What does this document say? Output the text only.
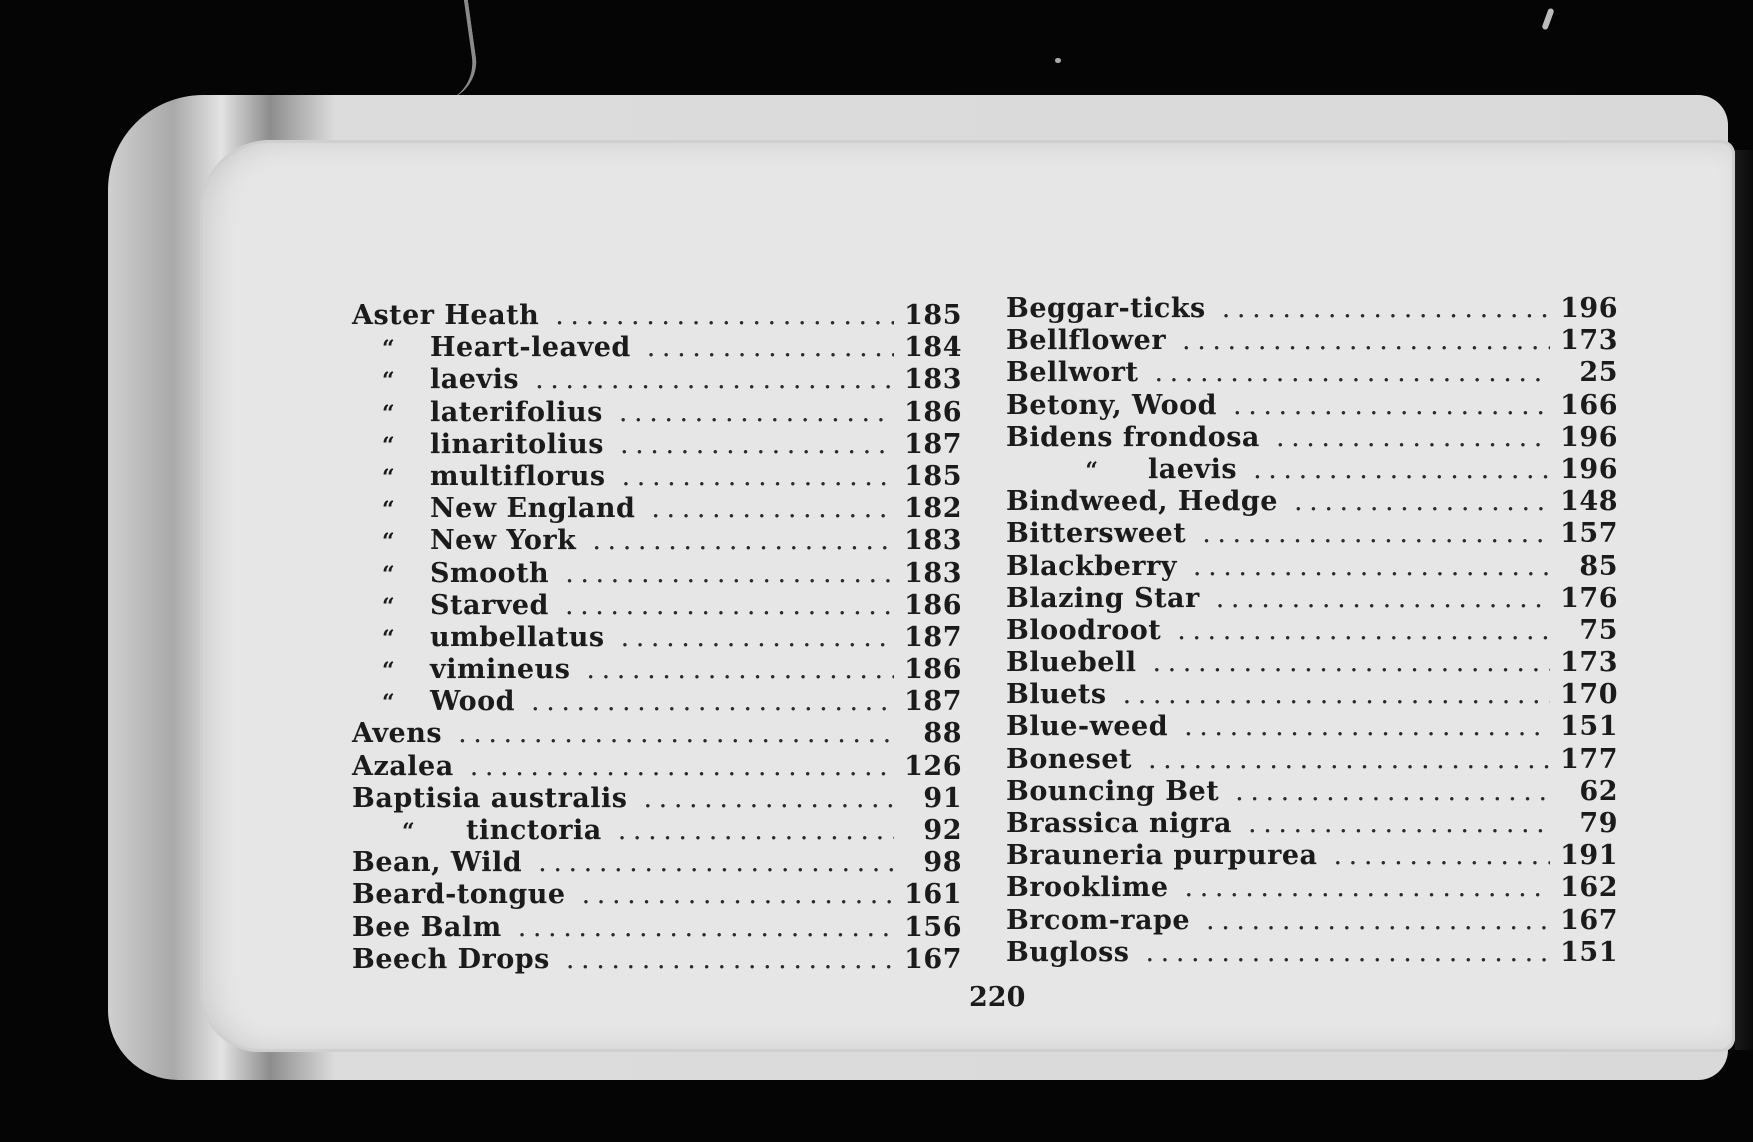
Aster Heath . . .	185
“ Heart-leaved . . .	184
“ laevis . . .	183
“ laterifolius . . .	186
“ linaritolius . . .	187
“ multiflorus . . .	185
“ New England . . .	182
“ New York . . .	183
“ Smooth . . .	183
“ Starved . . .	186
“ umbellatus . . .	187
“ vimineus . . .	186
“ Wood . . .	187
Avens . . .	88
Azalea . . .	126
Baptisia australis . . .	91
“ tinctoria . . .	92
Bean, Wild . . .	98
Beard-tongue . . .	161
Bee Balm . . .	156
Beech Drops . . .	167
Beggar-ticks . . .	196
Bellflower . . .	173
Bellwort . . .	25
Betony, Wood . . .	166
Bidens frondosa . . .	196
“ laevis . . .	196
Bindweed, Hedge . . .	148
Bittersweet . . .	157
Blackberry . . .	85
Blazing Star . . .	176
Bloodroot . . .	75
Bluebell . . .	173
Bluets . . .	170
Blue-weed . . .	151
Boneset . . .	177
Bouncing Bet . . .	62
Brassica nigra . . .	79
Brauneria purpurea . . .	191
Brooklime . . .	162
Brcom-rape . . .	167
Bugloss . . .	151
220
